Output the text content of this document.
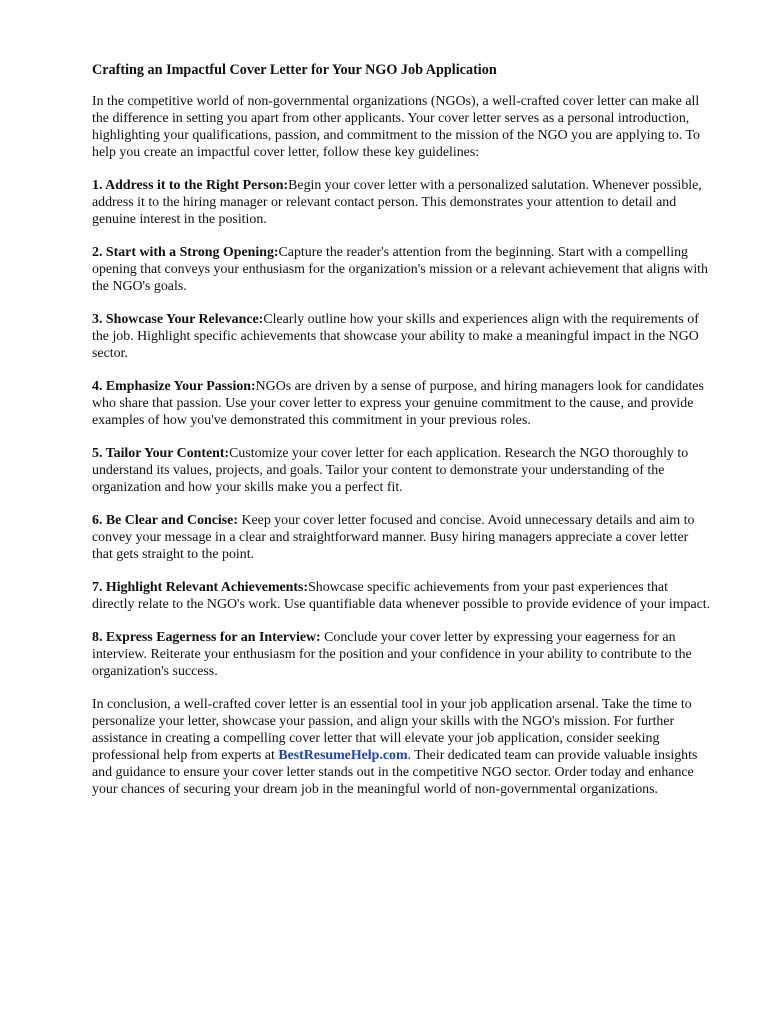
Crafting an Impactful Cover Letter for Your NGO Job Application

In the competitive world of non-governmental organizations (NGOs), a well-crafted cover letter can make all the difference in setting you apart from other applicants. Your cover letter serves as a personal introduction, highlighting your qualifications, passion, and commitment to the mission of the NGO you are applying to. To help you create an impactful cover letter, follow these key guidelines:

1. Address it to the Right Person:Begin your cover letter with a personalized salutation. Whenever possible, address it to the hiring manager or relevant contact person. This demonstrates your attention to detail and genuine interest in the position.

2. Start with a Strong Opening:Capture the reader's attention from the beginning. Start with a compelling opening that conveys your enthusiasm for the organization's mission or a relevant achievement that aligns with the NGO's goals.

3. Showcase Your Relevance:Clearly outline how your skills and experiences align with the requirements of the job. Highlight specific achievements that showcase your ability to make a meaningful impact in the NGO sector.

4. Emphasize Your Passion:NGOs are driven by a sense of purpose, and hiring managers look for candidates who share that passion. Use your cover letter to express your genuine commitment to the cause, and provide examples of how you've demonstrated this commitment in your previous roles.

5. Tailor Your Content:Customize your cover letter for each application. Research the NGO thoroughly to understand its values, projects, and goals. Tailor your content to demonstrate your understanding of the organization and how your skills make you a perfect fit.

6. Be Clear and Concise: Keep your cover letter focused and concise. Avoid unnecessary details and aim to convey your message in a clear and straightforward manner. Busy hiring managers appreciate a cover letter that gets straight to the point.

7. Highlight Relevant Achievements:Showcase specific achievements from your past experiences that directly relate to the NGO's work. Use quantifiable data whenever possible to provide evidence of your impact.

8. Express Eagerness for an Interview: Conclude your cover letter by expressing your eagerness for an interview. Reiterate your enthusiasm for the position and your confidence in your ability to contribute to the organization's success.

In conclusion, a well-crafted cover letter is an essential tool in your job application arsenal. Take the time to personalize your letter, showcase your passion, and align your skills with the NGO's mission. For further assistance in creating a compelling cover letter that will elevate your job application, consider seeking professional help from experts at BestResumeHelp.com. Their dedicated team can provide valuable insights and guidance to ensure your cover letter stands out in the competitive NGO sector. Order today and enhance your chances of securing your dream job in the meaningful world of non-governmental organizations.
